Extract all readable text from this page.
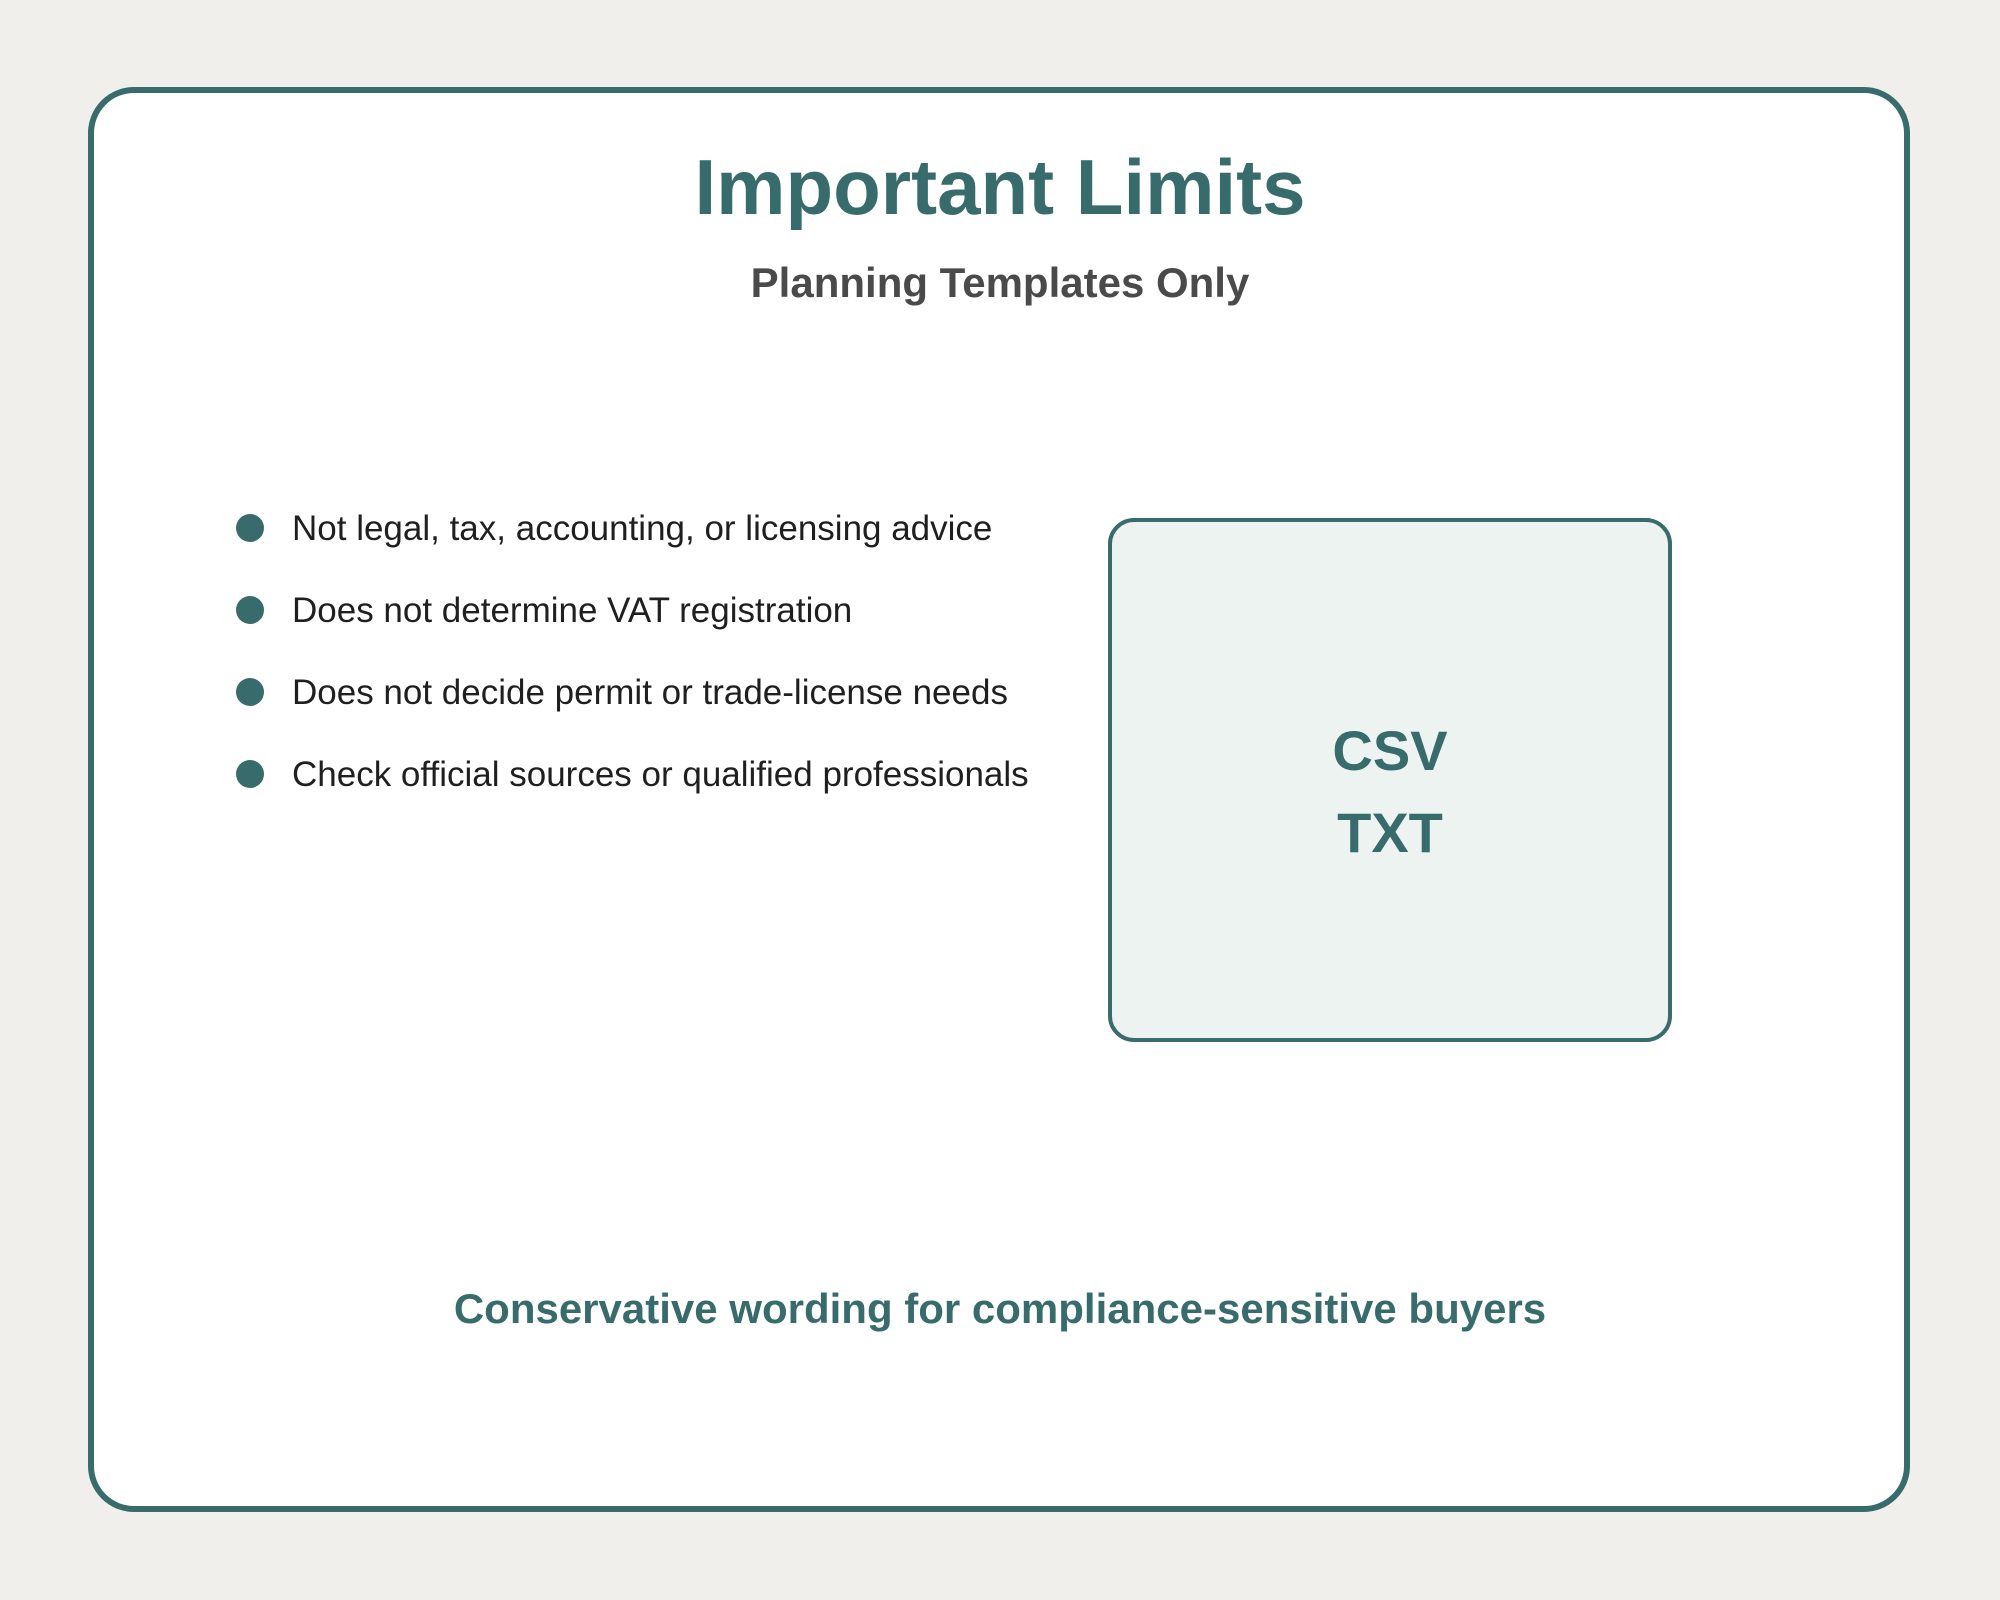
Important Limits
Planning Templates Only
Not legal, tax, accounting, or licensing advice
Does not determine VAT registration
Does not decide permit or trade-license needs
Check official sources or qualified professionals	CSV
TXT
Conservative wording for compliance-sensitive buyers
